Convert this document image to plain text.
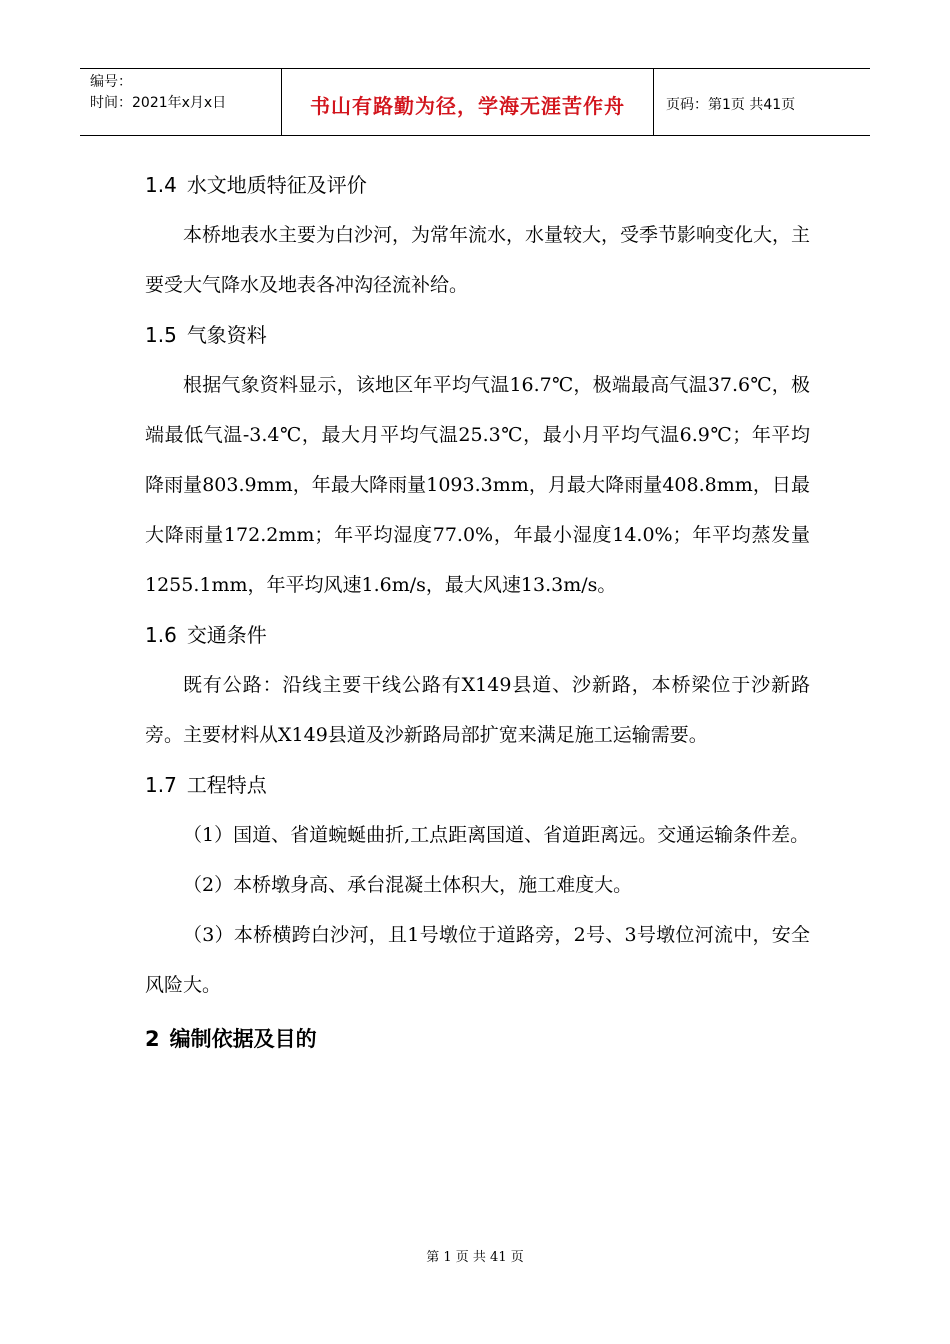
编号：
时间：2021年x月x日	书山有路勤为径，学海无涯苦作舟	页码：第1页 共41页
1.4 水文地质特征及评价

本桥地表水主要为白沙河，为常年流水，水量较大，受季节影响变化大，主要受大气降水及地表各冲沟径流补给。

1.5 气象资料

根据气象资料显示，该地区年平均气温16.7℃，极端最高气温37.6℃，极端最低气温-3.4℃，最大月平均气温25.3℃，最小月平均气温6.9℃；年平均降雨量803.9mm，年最大降雨量1093.3mm，月最大降雨量408.8mm，日最大降雨量172.2mm；年平均湿度77.0%，年最小湿度14.0%；年平均蒸发量1255.1mm，年平均风速1.6m/s，最大风速13.3m/s。

1.6 交通条件

既有公路：沿线主要干线公路有X149县道、沙新路，本桥梁位于沙新路旁。主要材料从X149县道及沙新路局部扩宽来满足施工运输需要。

1.7 工程特点

（1）国道、省道蜿蜒曲折,工点距离国道、省道距离远。交通运输条件差。

（2）本桥墩身高、承台混凝土体积大，施工难度大。

（3）本桥横跨白沙河，且1号墩位于道路旁，2号、3号墩位河流中，安全风险大。

2 编制依据及目的
第 1 页 共 41 页
